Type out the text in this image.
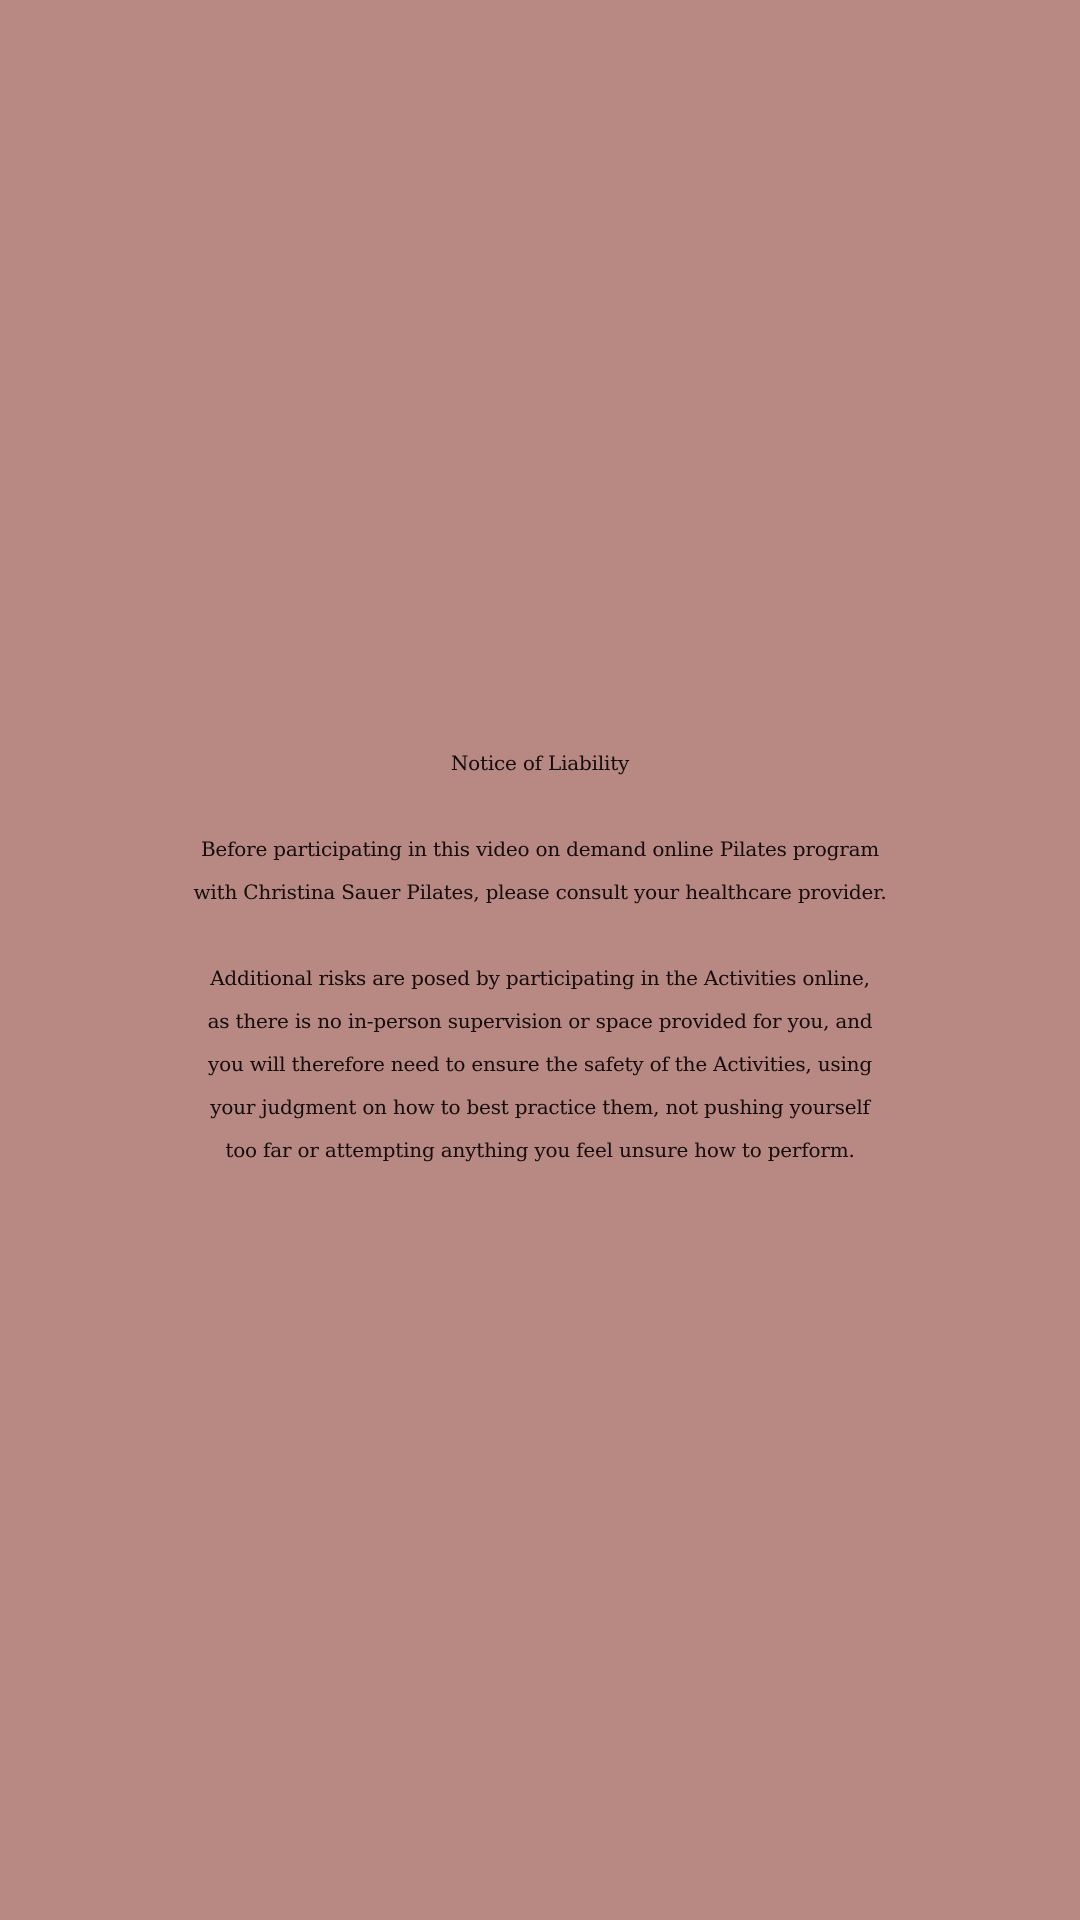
Notice of Liability

Before participating in this video on demand online Pilates program
with Christina Sauer Pilates, please consult your healthcare provider.

Additional risks are posed by participating in the Activities online,
as there is no in-person supervision or space provided for you, and
you will therefore need to ensure the safety of the Activities, using
your judgment on how to best practice them, not pushing yourself
too far or attempting anything you feel unsure how to perform.
